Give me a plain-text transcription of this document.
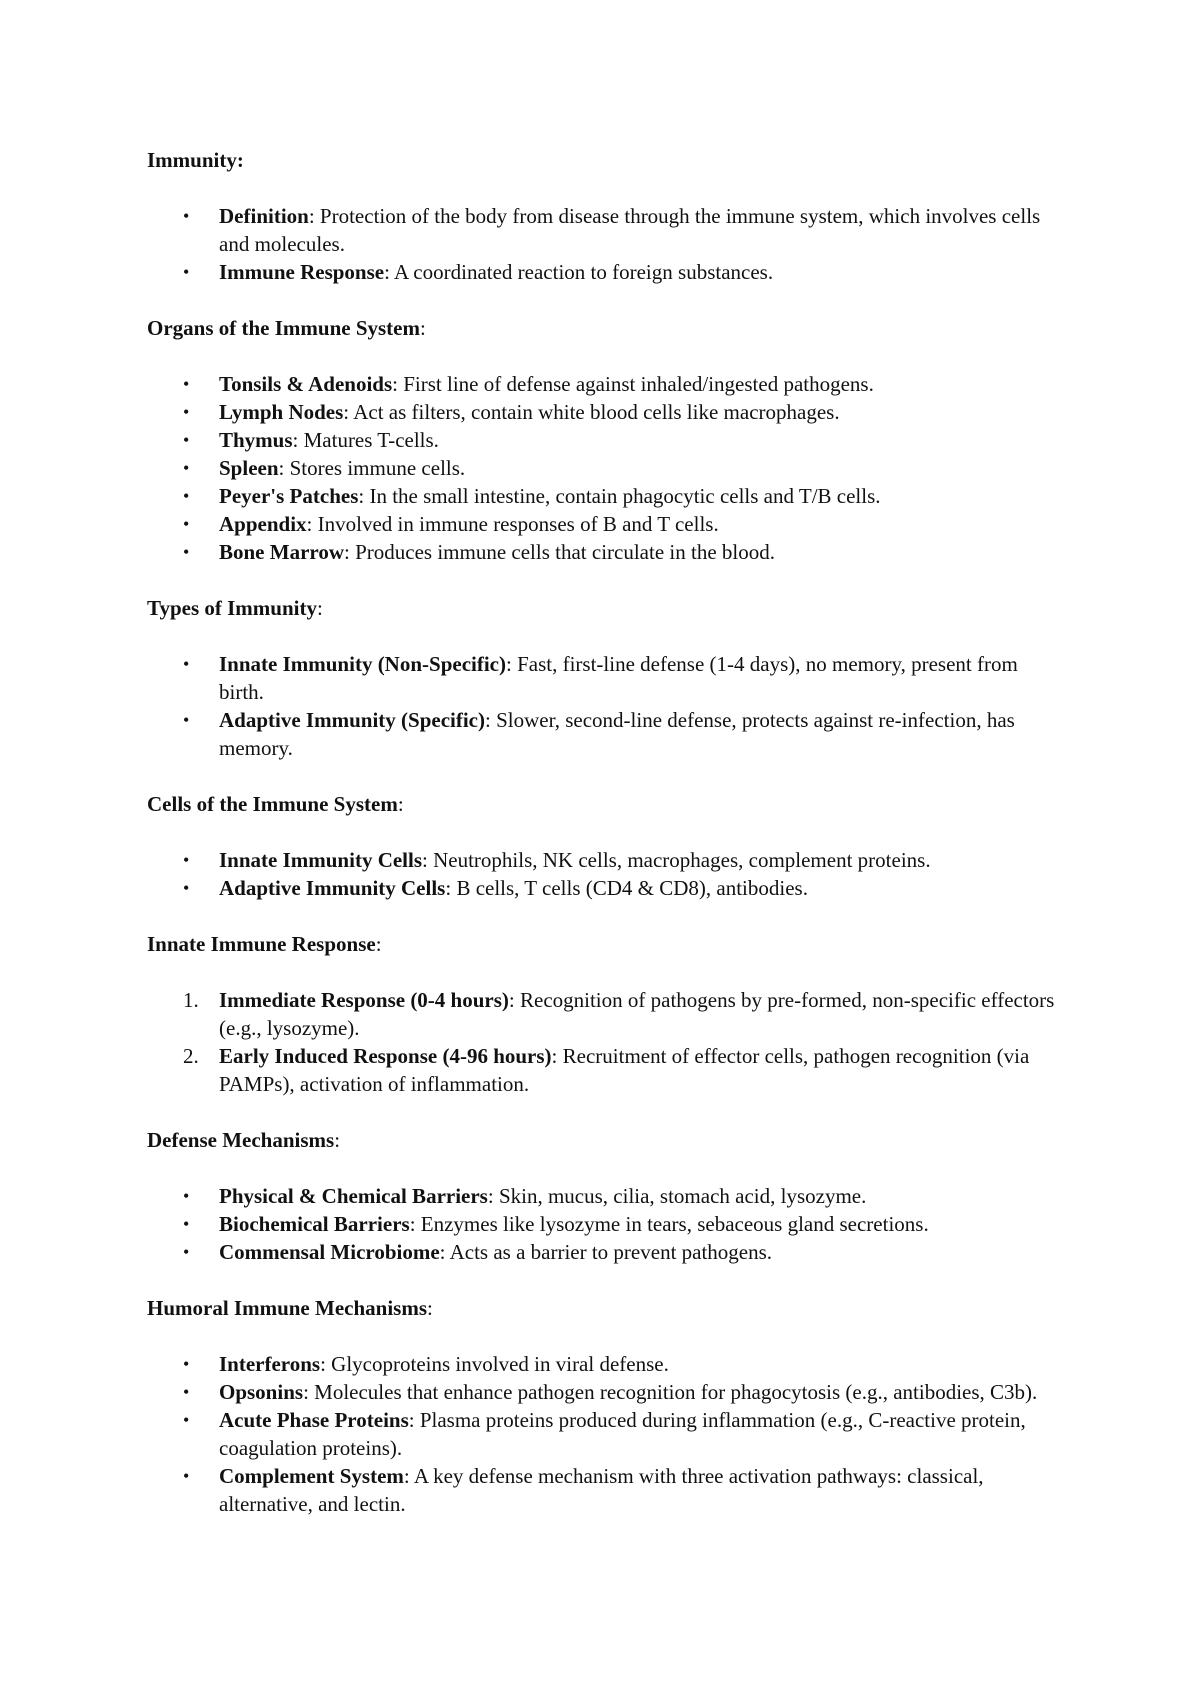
Immunity:

•	Definition: Protection of the body from disease through the immune system, which involves cells and molecules.
•	Immune Response: A coordinated reaction to foreign substances.

Organs of the Immune System:

•	Tonsils & Adenoids: First line of defense against inhaled/ingested pathogens.
•	Lymph Nodes: Act as filters, contain white blood cells like macrophages.
•	Thymus: Matures T-cells.
•	Spleen: Stores immune cells.
•	Peyer's Patches: In the small intestine, contain phagocytic cells and T/B cells.
•	Appendix: Involved in immune responses of B and T cells.
•	Bone Marrow: Produces immune cells that circulate in the blood.

Types of Immunity:

•	Innate Immunity (Non-Specific): Fast, first-line defense (1-4 days), no memory, present from birth.
•	Adaptive Immunity (Specific): Slower, second-line defense, protects against re-infection, has memory.

Cells of the Immune System:

•	Innate Immunity Cells: Neutrophils, NK cells, macrophages, complement proteins.
•	Adaptive Immunity Cells: B cells, T cells (CD4 & CD8), antibodies.

Innate Immune Response:

1. Immediate Response (0-4 hours): Recognition of pathogens by pre-formed, non-specific effectors (e.g., lysozyme).
2. Early Induced Response (4-96 hours): Recruitment of effector cells, pathogen recognition (via PAMPs), activation of inflammation.

Defense Mechanisms:

•	Physical & Chemical Barriers: Skin, mucus, cilia, stomach acid, lysozyme.
•	Biochemical Barriers: Enzymes like lysozyme in tears, sebaceous gland secretions.
•	Commensal Microbiome: Acts as a barrier to prevent pathogens.

Humoral Immune Mechanisms:

•	Interferons: Glycoproteins involved in viral defense.
•	Opsonins: Molecules that enhance pathogen recognition for phagocytosis (e.g., antibodies, C3b).
•	Acute Phase Proteins: Plasma proteins produced during inflammation (e.g., C-reactive protein, coagulation proteins).
•	Complement System: A key defense mechanism with three activation pathways: classical, alternative, and lectin.
